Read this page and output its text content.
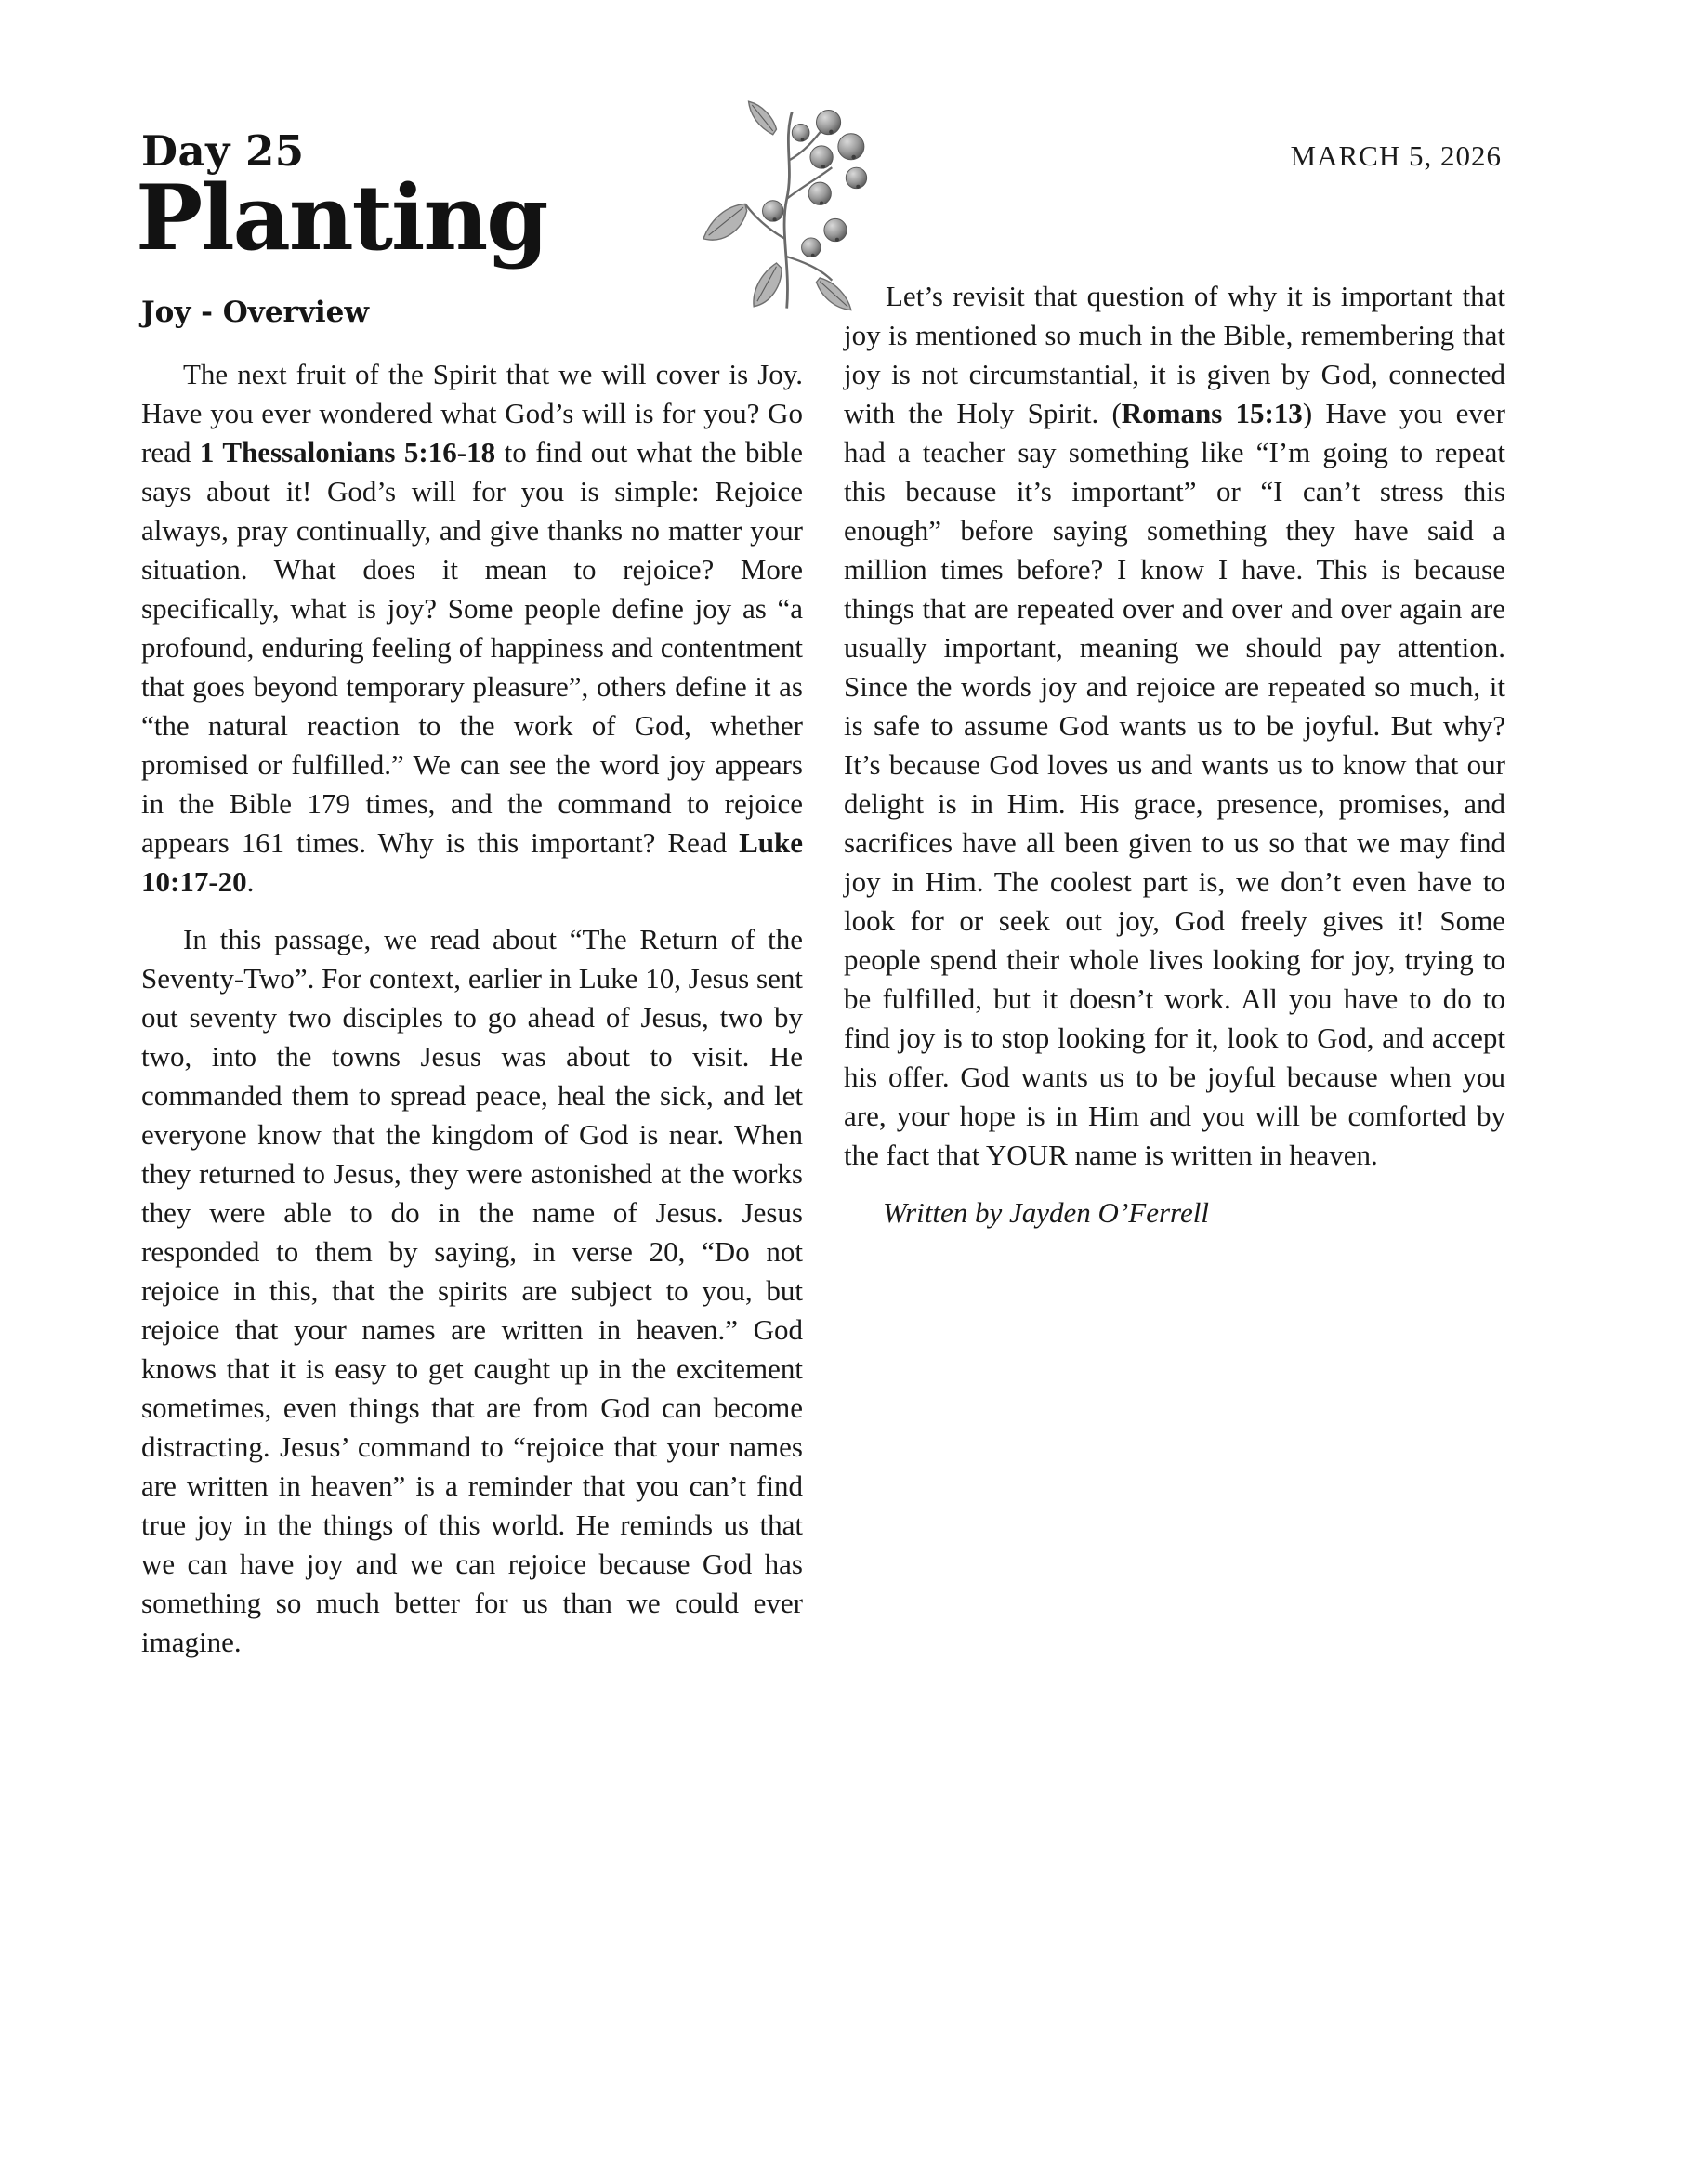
Day 25	MARCH 5, 2026
Planting
Joy - Overview

The next fruit of the Spirit that we will cover is Joy. Have you ever wondered what God’s will is for you? Go read 1 Thessalonians 5:16-18 to find out what the bible says about it! God’s will for you is simple: Rejoice always, pray continually, and give thanks no matter your situation. What does it mean to rejoice? More specifically, what is joy? Some people define joy as “a profound, enduring feeling of happiness and contentment that goes beyond temporary pleasure”, others define it as “the natural reaction to the work of God, whether promised or fulfilled.” We can see the word joy appears in the Bible 179 times, and the command to rejoice appears 161 times. Why is this important? Read Luke 10:17-20.

In this passage, we read about “The Return of the Seventy-Two”. For context, earlier in Luke 10, Jesus sent out seventy two disciples to go ahead of Jesus, two by two, into the towns Jesus was about to visit. He commanded them to spread peace, heal the sick, and let everyone know that the kingdom of God is near. When they returned to Jesus, they were astonished at the works they were able to do in the name of Jesus. Jesus responded to them by saying, in verse 20, “Do not rejoice in this, that the spirits are subject to you, but rejoice that your names are written in heaven.” God knows that it is easy to get caught up in the excitement sometimes, even things that are from God can become distracting. Jesus’ command to “rejoice that your names are written in heaven” is a reminder that you can’t find true joy in the things of this world. He reminds us that we can have joy and we can rejoice because God has something so much better for us than we could ever imagine.

Let’s revisit that question of why it is important that joy is mentioned so much in the Bible, remembering that joy is not circumstantial, it is given by God, connected with the Holy Spirit. (Romans 15:13) Have you ever had a teacher say something like “I’m going to repeat this because it’s important” or “I can’t stress this enough” before saying something they have said a million times before? I know I have. This is because things that are repeated over and over and over again are usually important, meaning we should pay attention. Since the words joy and rejoice are repeated so much, it is safe to assume God wants us to be joyful. But why? It’s because God loves us and wants us to know that our delight is in Him. His grace, presence, promises, and sacrifices have all been given to us so that we may find joy in Him. The coolest part is, we don’t even have to look for or seek out joy, God freely gives it! Some people spend their whole lives looking for joy, trying to be fulfilled, but it doesn’t work. All you have to do to find joy is to stop looking for it, look to God, and accept his offer. God wants us to be joyful because when you are, your hope is in Him and you will be comforted by the fact that YOUR name is written in heaven.

Written by Jayden O’Ferrell
